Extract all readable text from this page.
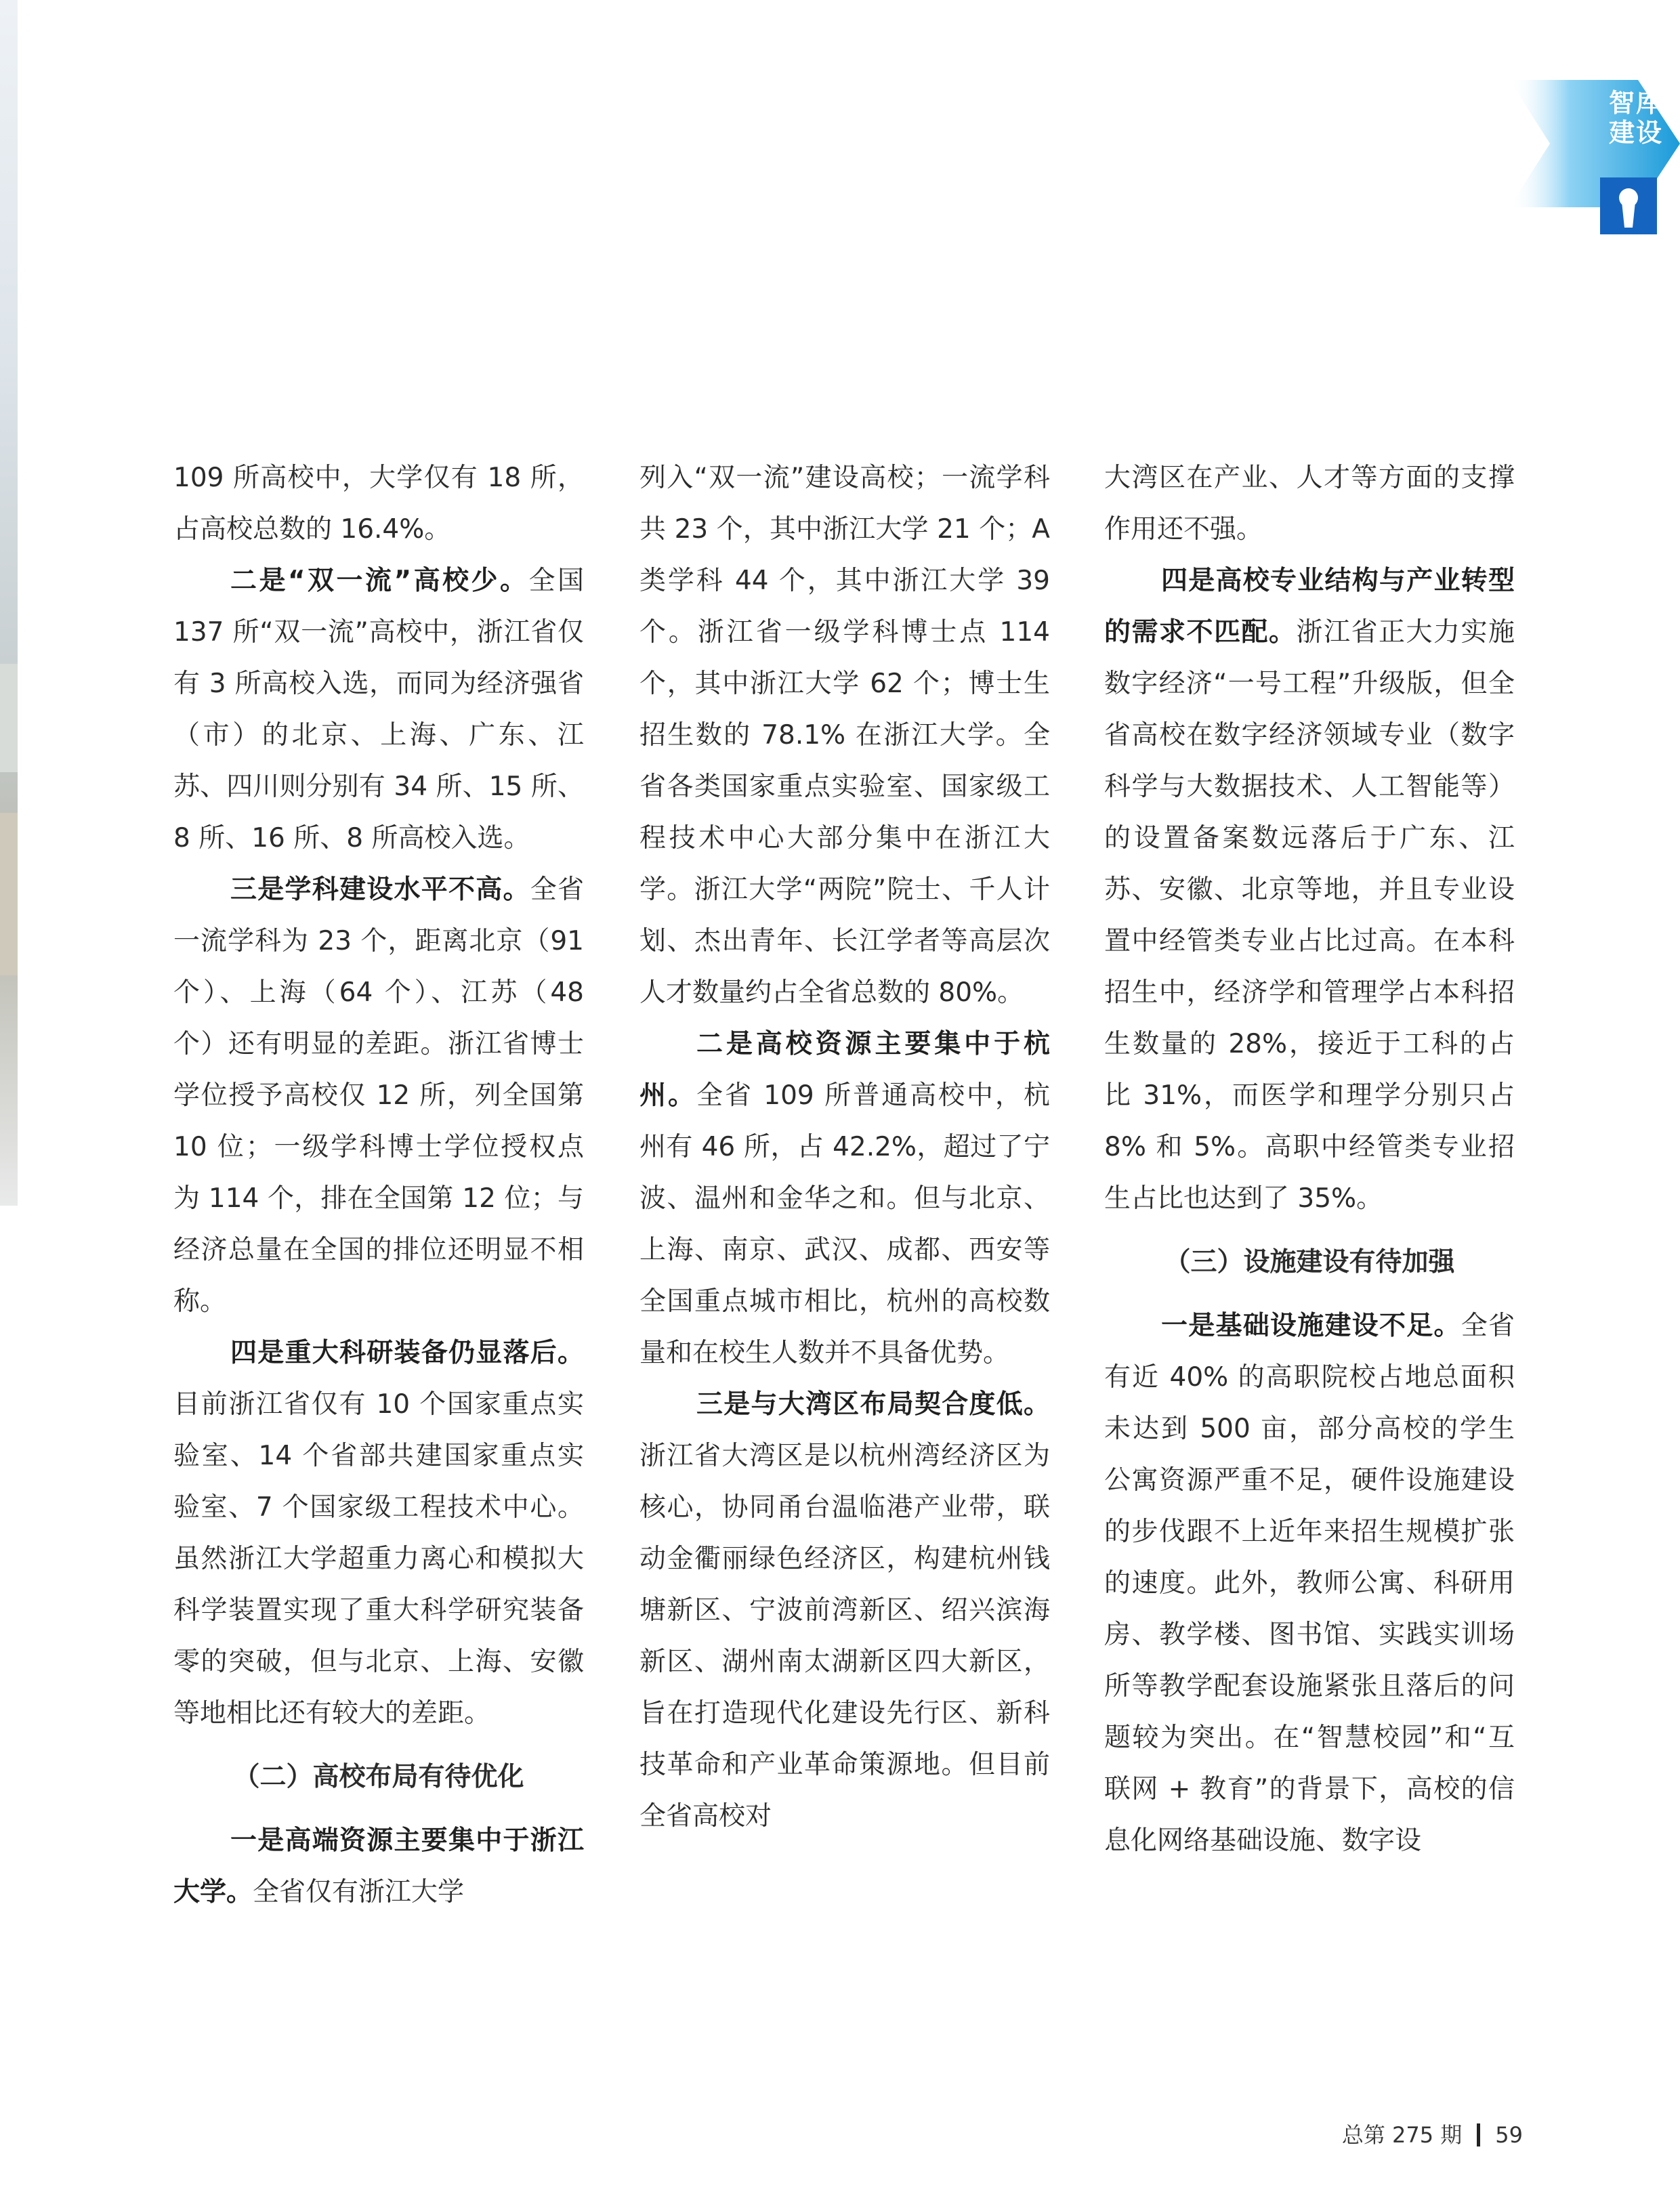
智库
建设

109 所高校中，大学仅有 18 所，占高校总数的 16.4%。

二是“双一流”高校少。全国 137 所“双一流”高校中，浙江省仅有 3 所高校入选，而同为经济强省（市）的北京、上海、广东、江苏、四川则分别有 34 所、15 所、8 所、16 所、8 所高校入选。

三是学科建设水平不高。全省一流学科为 23 个，距离北京（91 个）、上海（64 个）、江苏（48 个）还有明显的差距。浙江省博士学位授予高校仅 12 所，列全国第 10 位；一级学科博士学位授权点为 114 个，排在全国第 12 位；与经济总量在全国的排位还明显不相称。

四是重大科研装备仍显落后。目前浙江省仅有 10 个国家重点实验室、14 个省部共建国家重点实验室、7 个国家级工程技术中心。虽然浙江大学超重力离心和模拟大科学装置实现了重大科学研究装备零的突破，但与北京、上海、安徽等地相比还有较大的差距。

（二）高校布局有待优化

一是高端资源主要集中于浙江大学。全省仅有浙江大学

列入“双一流”建设高校；一流学科共 23 个，其中浙江大学 21 个；A 类学科 44 个，其中浙江大学 39 个。浙江省一级学科博士点 114 个，其中浙江大学 62 个；博士生招生数的 78.1% 在浙江大学。全省各类国家重点实验室、国家级工程技术中心大部分集中在浙江大学。浙江大学“两院”院士、千人计划、杰出青年、长江学者等高层次人才数量约占全省总数的 80%。

二是高校资源主要集中于杭州。全省 109 所普通高校中，杭州有 46 所，占 42.2%，超过了宁波、温州和金华之和。但与北京、上海、南京、武汉、成都、西安等全国重点城市相比，杭州的高校数量和在校生人数并不具备优势。

三是与大湾区布局契合度低。浙江省大湾区是以杭州湾经济区为核心，协同甬台温临港产业带，联动金衢丽绿色经济区，构建杭州钱塘新区、宁波前湾新区、绍兴滨海新区、湖州南太湖新区四大新区，旨在打造现代化建设先行区、新科技革命和产业革命策源地。但目前全省高校对

大湾区在产业、人才等方面的支撑作用还不强。

四是高校专业结构与产业转型的需求不匹配。浙江省正大力实施数字经济“一号工程”升级版，但全省高校在数字经济领域专业（数字科学与大数据技术、人工智能等）的设置备案数远落后于广东、江苏、安徽、北京等地，并且专业设置中经管类专业占比过高。在本科招生中，经济学和管理学占本科招生数量的 28%，接近于工科的占比 31%，而医学和理学分别只占 8% 和 5%。高职中经管类专业招生占比也达到了 35%。

（三）设施建设有待加强

一是基础设施建设不足。全省有近 40% 的高职院校占地总面积未达到 500 亩，部分高校的学生公寓资源严重不足，硬件设施建设的步伐跟不上近年来招生规模扩张的速度。此外，教师公寓、科研用房、教学楼、图书馆、实践实训场所等教学配套设施紧张且落后的问题较为突出。在“智慧校园”和“互联网 + 教育”的背景下，高校的信息化网络基础设施、数字设

总第 275 期 59
